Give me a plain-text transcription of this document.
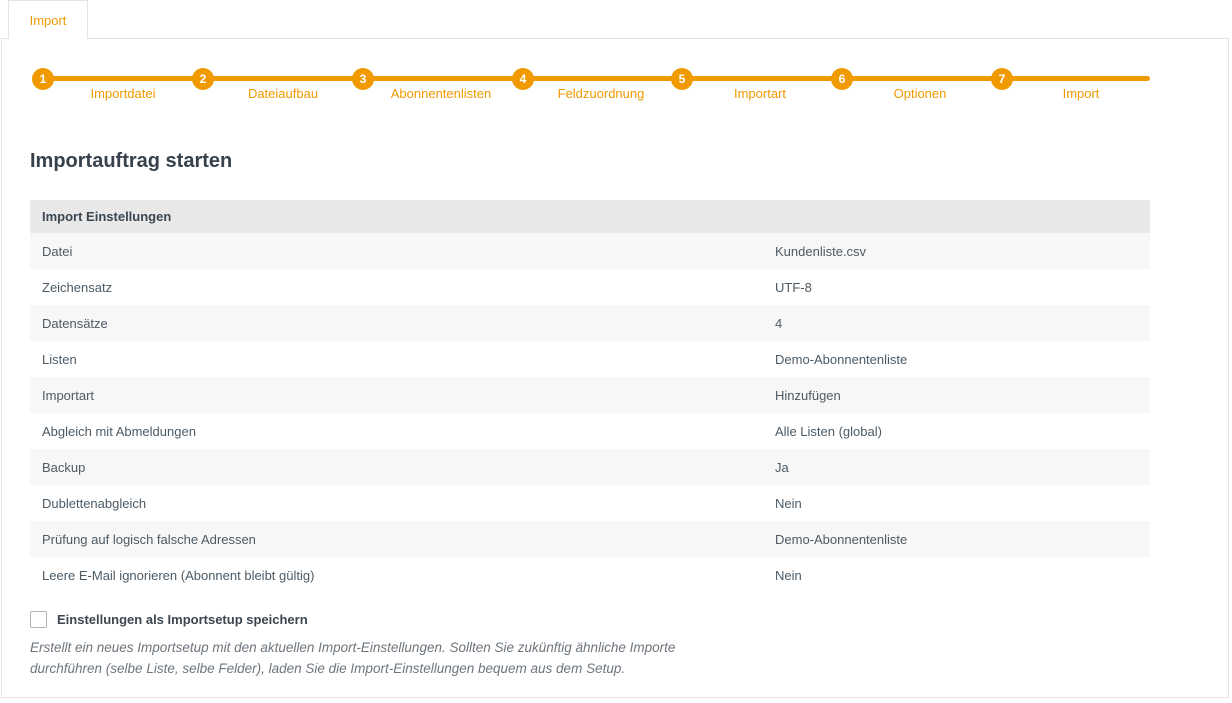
Import
1	2	3	4	5	6	7
Importdatei	Dateiaufbau	Abonnentenlisten	Feldzuordnung	Importart	Optionen	Import
Importauftrag starten
Import Einstellungen
Datei	Kundenliste.csv
Zeichensatz	UTF-8
Datensätze	4
Listen	Demo-Abonnentenliste
Importart	Hinzufügen
Abgleich mit Abmeldungen	Alle Listen (global)
Backup	Ja
Dublettenabgleich	Nein
Prüfung auf logisch falsche Adressen	Demo-Abonnentenliste
Leere E-Mail ignorieren (Abonnent bleibt gültig)	Nein
Einstellungen als Importsetup speichern

Erstellt ein neues Importsetup mit den aktuellen Import-Einstellungen. Sollten Sie zukünftig ähnliche Importe durchführen (selbe Liste, selbe Felder), laden Sie die Import-Einstellungen bequem aus dem Setup.
